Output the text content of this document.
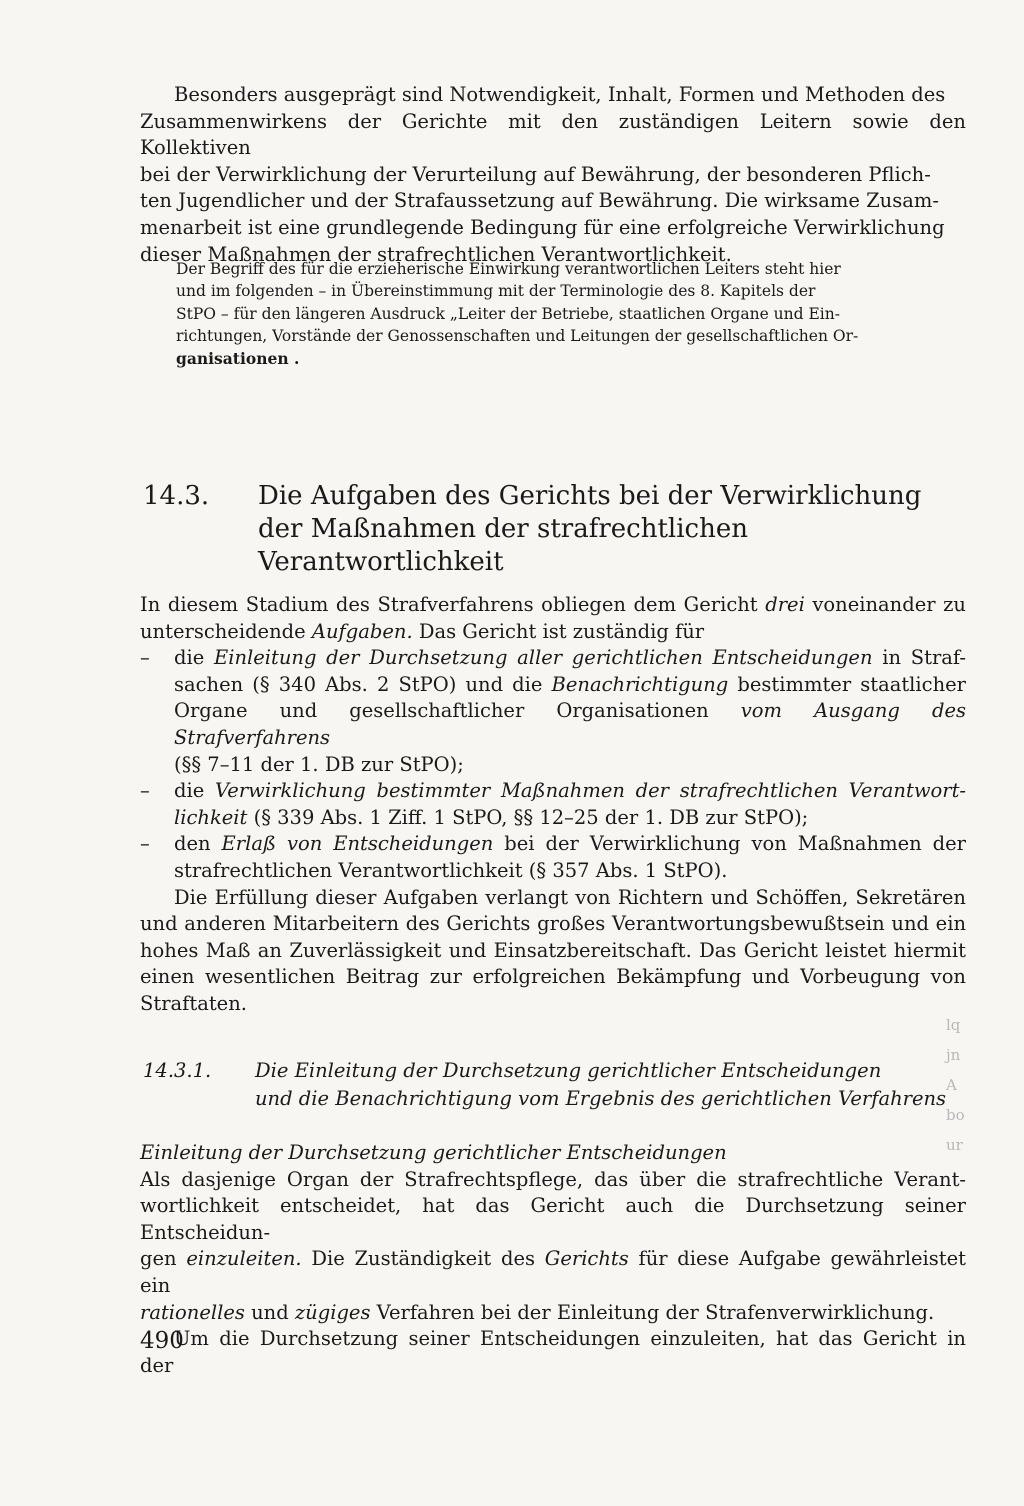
Besonders ausgeprägt sind Notwendigkeit, Inhalt, Formen und Methoden des

Zusammenwirkens der Gerichte mit den zuständigen Leitern sowie den Kollektiven

bei der Verwirklichung der Verurteilung auf Bewährung, der besonderen Pflich-

ten Jugendlicher und der Strafaussetzung auf Bewährung. Die wirksame Zusam-

menarbeit ist eine grundlegende Bedingung für eine erfolgreiche Verwirklichung

dieser Maßnahmen der strafrechtlichen Verantwortlichkeit.

Der Begriff des für die erzieherische Einwirkung verantwortlichen Leiters steht hier

und im folgenden – in Übereinstimmung mit der Terminologie des 8. Kapitels der

StPO – für den längeren Ausdruck „Leiter der Betriebe, staatlichen Organe und Ein-

richtungen, Vorstände der Genossenschaften und Leitungen der gesellschaftlichen Or-

ganisationen .

14.3. Die Aufgaben des Gerichts bei der Verwirklichung
der Maßnahmen der strafrechtlichen Verantwortlichkeit

In diesem Stadium des Strafverfahrens obliegen dem Gericht drei voneinander zu

unterscheidende Aufgaben. Das Gericht ist zuständig für

– die Einleitung der Durchsetzung aller gerichtlichen Entscheidungen in Straf-

sachen (§ 340 Abs. 2 StPO) und die Benachrichtigung bestimmter staatlicher

Organe und gesellschaftlicher Organisationen vom Ausgang des Strafverfahrens

(§§ 7–11 der 1. DB zur StPO);

– die Verwirklichung bestimmter Maßnahmen der strafrechtlichen Verantwort-

lichkeit (§ 339 Abs. 1 Ziff. 1 StPO, §§ 12–25 der 1. DB zur StPO);

– den Erlaß von Entscheidungen bei der Verwirklichung von Maßnahmen der

strafrechtlichen Verantwortlichkeit (§ 357 Abs. 1 StPO).

Die Erfüllung dieser Aufgaben verlangt von Richtern und Schöffen, Sekretären

und anderen Mitarbeitern des Gerichts großes Verantwortungsbewußtsein und ein

hohes Maß an Zuverlässigkeit und Einsatzbereitschaft. Das Gericht leistet hiermit

einen wesentlichen Beitrag zur erfolgreichen Bekämpfung und Vorbeugung von

Straftaten.

14.3.1. Die Einleitung der Durchsetzung gerichtlicher Entscheidungen
und die Benachrichtigung vom Ergebnis des gerichtlichen Verfahrens

Einleitung der Durchsetzung gerichtlicher Entscheidungen

Als dasjenige Organ der Strafrechtspflege, das über die strafrechtliche Verant-

wortlichkeit entscheidet, hat das Gericht auch die Durchsetzung seiner Entscheidun-

gen einzuleiten. Die Zuständigkeit des Gerichts für diese Aufgabe gewährleistet ein

rationelles und zügiges Verfahren bei der Einleitung der Strafenverwirklichung.

Um die Durchsetzung seiner Entscheidungen einzuleiten, hat das Gericht in der

490
lq
jn
A
bo
ur
